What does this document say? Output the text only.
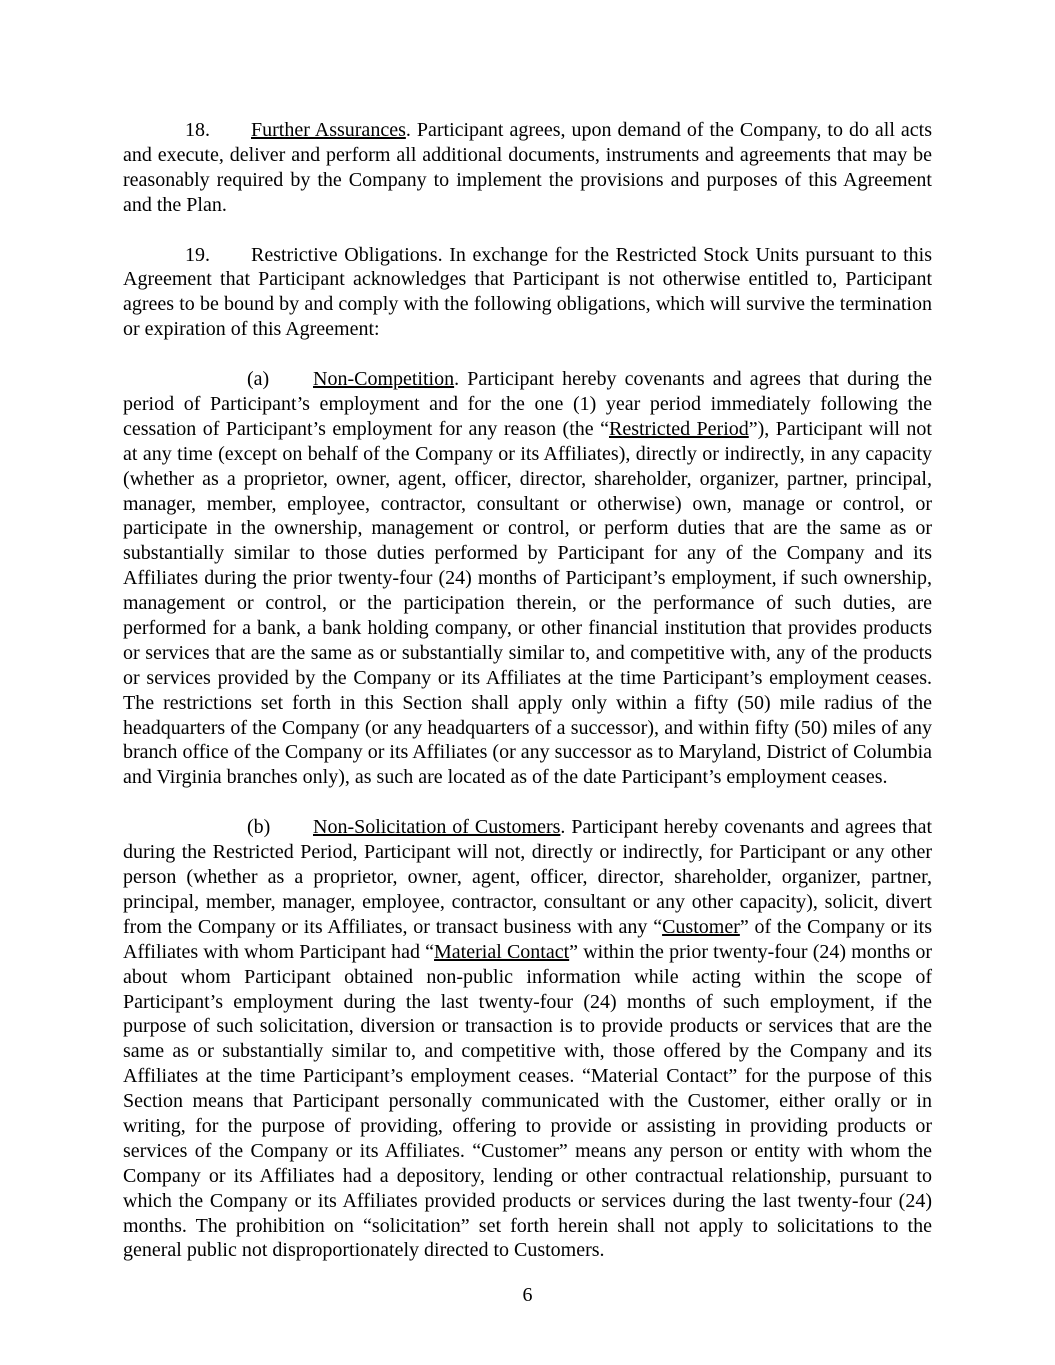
18. Further Assurances. Participant agrees, upon demand of the Company, to do all acts and execute, deliver and perform all additional documents, instruments and agreements that may be reasonably required by the Company to implement the provisions and purposes of this Agreement and the Plan.

19. Restrictive Obligations. In exchange for the Restricted Stock Units pursuant to this Agreement that Participant acknowledges that Participant is not otherwise entitled to, Participant agrees to be bound by and comply with the following obligations, which will survive the termination or expiration of this Agreement:

(a) Non-Competition. Participant hereby covenants and agrees that during the period of Participant’s employment and for the one (1) year period immediately following the cessation of Participant’s employment for any reason (the “Restricted Period”), Participant will not at any time (except on behalf of the Company or its Affiliates), directly or indirectly, in any capacity (whether as a proprietor, owner, agent, officer, director, shareholder, organizer, partner, principal, manager, member, employee, contractor, consultant or otherwise) own, manage or control, or participate in the ownership, management or control, or perform duties that are the same as or substantially similar to those duties performed by Participant for any of the Company and its Affiliates during the prior twenty-four (24) months of Participant’s employment, if such ownership, management or control, or the participation therein, or the performance of such duties, are performed for a bank, a bank holding company, or other financial institution that provides products or services that are the same as or substantially similar to, and competitive with, any of the products or services provided by the Company or its Affiliates at the time Participant’s employment ceases. The restrictions set forth in this Section shall apply only within a fifty (50) mile radius of the headquarters of the Company (or any headquarters of a successor), and within fifty (50) miles of any branch office of the Company or its Affiliates (or any successor as to Maryland, District of Columbia and Virginia branches only), as such are located as of the date Participant’s employment ceases.

(b) Non-Solicitation of Customers. Participant hereby covenants and agrees that during the Restricted Period, Participant will not, directly or indirectly, for Participant or any other person (whether as a proprietor, owner, agent, officer, director, shareholder, organizer, partner, principal, member, manager, employee, contractor, consultant or any other capacity), solicit, divert from the Company or its Affiliates, or transact business with any “Customer” of the Company or its Affiliates with whom Participant had “Material Contact” within the prior twenty-four (24) months or about whom Participant obtained non-public information while acting within the scope of Participant’s employment during the last twenty-four (24) months of such employment, if the purpose of such solicitation, diversion or transaction is to provide products or services that are the same as or substantially similar to, and competitive with, those offered by the Company and its Affiliates at the time Participant’s employment ceases. “Material Contact” for the purpose of this Section means that Participant personally communicated with the Customer, either orally or in writing, for the purpose of providing, offering to provide or assisting in providing products or services of the Company or its Affiliates. “Customer” means any person or entity with whom the Company or its Affiliates had a depository, lending or other contractual relationship, pursuant to which the Company or its Affiliates provided products or services during the last twenty-four (24) months. The prohibition on “solicitation” set forth herein shall not apply to solicitations to the general public not disproportionately directed to Customers.

6
